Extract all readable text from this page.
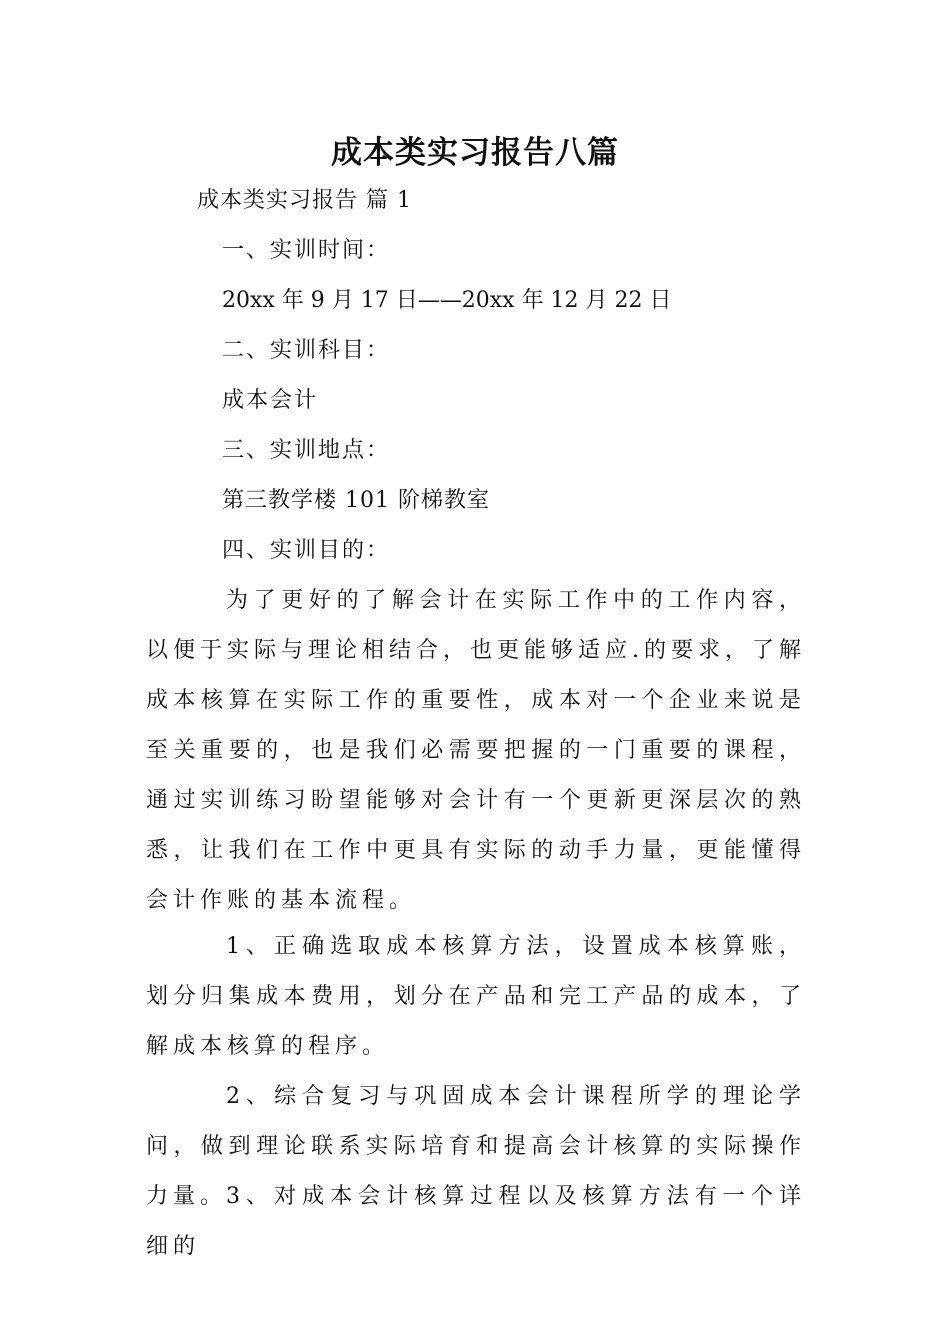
成本类实习报告八篇
成本类实习报告 篇 1
一、实训时间：
20xx 年 9 月 17 日——20xx 年 12 月 22 日
二、实训科目：
成本会计
三、实训地点：
第三教学楼 101 阶梯教室
四、实训目的：

为了更好的了解会计在实际工作中的工作内容，以便于实际与理论相结合，也更能够适应.的要求，了解成本核算在实际工作的重要性，成本对一个企业来说是至关重要的，也是我们必需要把握的一门重要的课程，通过实训练习盼望能够对会计有一个更新更深层次的熟悉，让我们在工作中更具有实际的动手力量，更能懂得会计作账的基本流程。

1、正确选取成本核算方法，设置成本核算账，划分归集成本费用，划分在产品和完工产品的成本，了解成本核算的程序。

2、综合复习与巩固成本会计课程所学的理论学问，做到理论联系实际培育和提高会计核算的实际操作力量。

3、对成本会计核算过程以及核算方法有一个详细的
